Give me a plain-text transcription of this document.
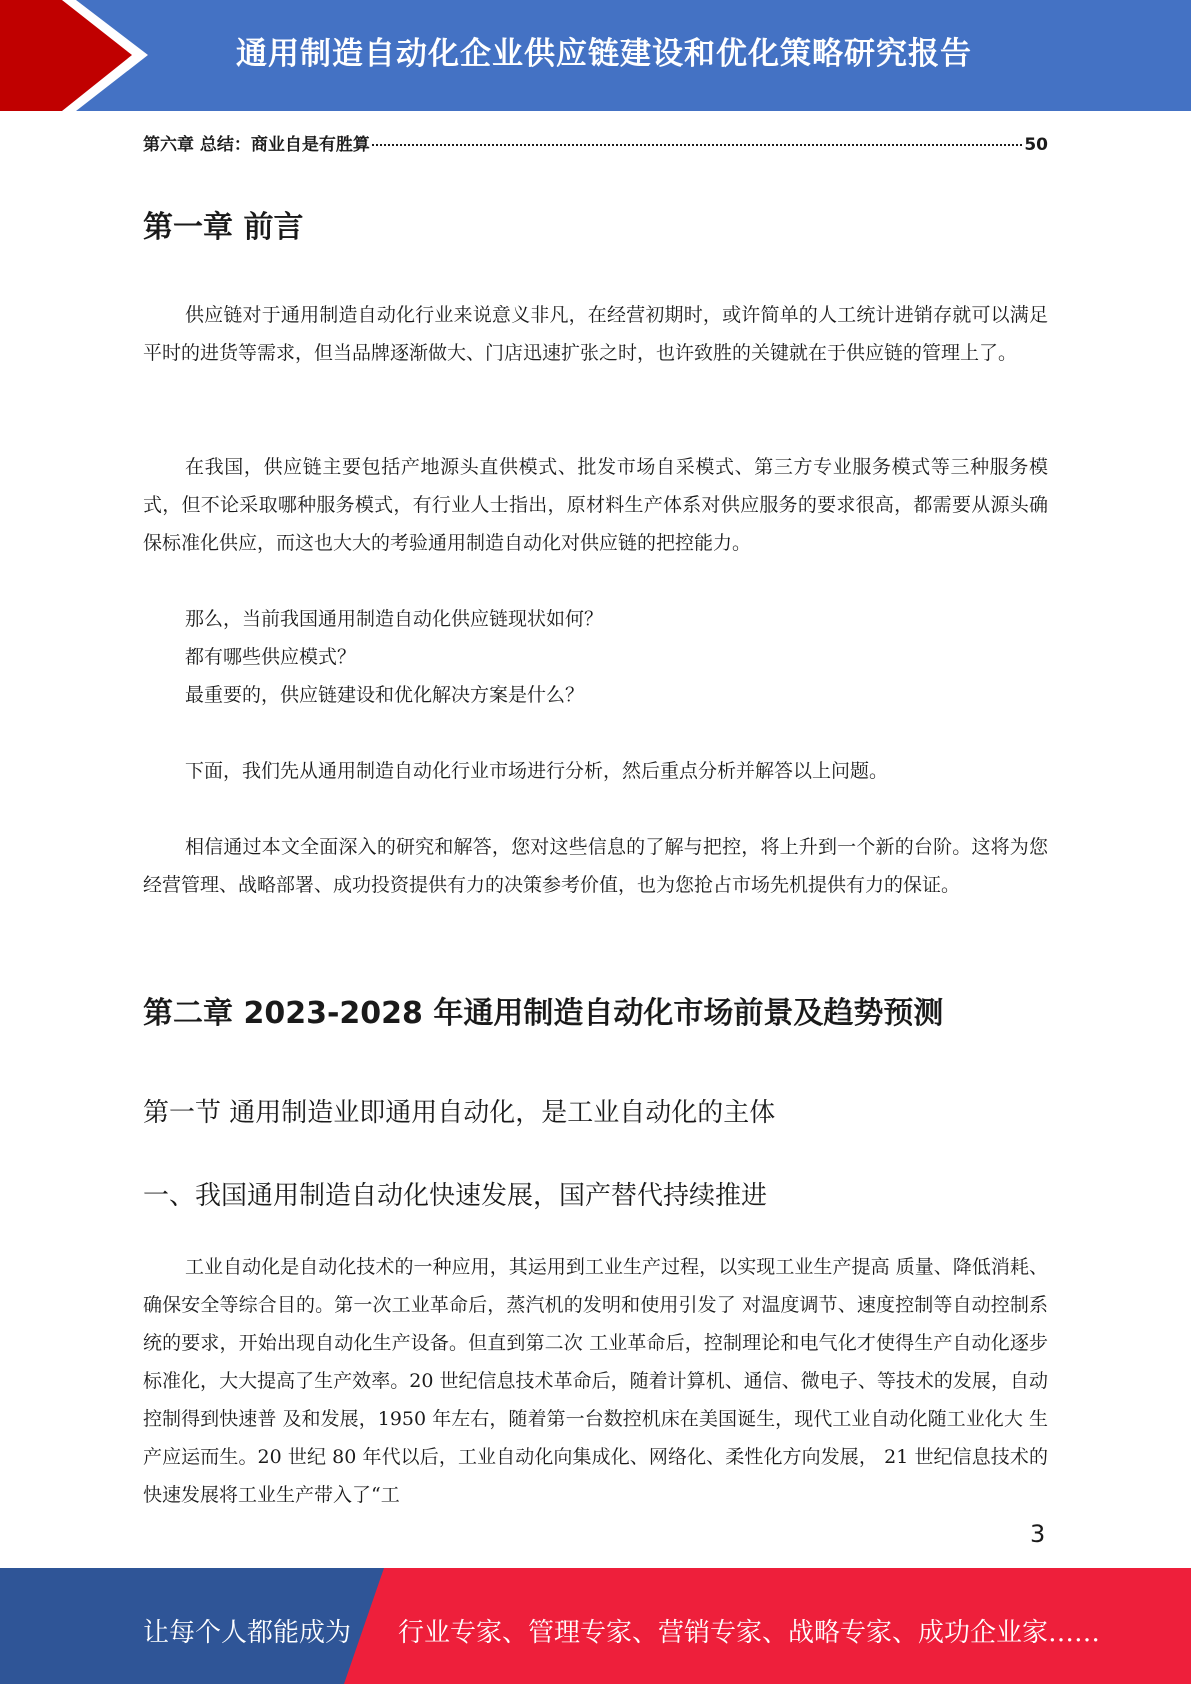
通用制造自动化企业供应链建设和优化策略研究报告
第六章 总结：商业自是有胜算	50
第一章 前言

供应链对于通用制造自动化行业来说意义非凡，在经营初期时，或许简单的人工统计进销存就可以满足平时的进货等需求，但当品牌逐渐做大、门店迅速扩张之时，也许致胜的关键就在于供应链的管理上了。

在我国，供应链主要包括产地源头直供模式、批发市场自采模式、第三方专业服务模式等三种服务模式，但不论采取哪种服务模式，有行业人士指出，原材料生产体系对供应服务的要求很高，都需要从源头确保标准化供应，而这也大大的考验通用制造自动化对供应链的把控能力。

那么，当前我国通用制造自动化供应链现状如何？
都有哪些供应模式？
最重要的，供应链建设和优化解决方案是什么？

下面，我们先从通用制造自动化行业市场进行分析，然后重点分析并解答以上问题。

相信通过本文全面深入的研究和解答，您对这些信息的了解与把控，将上升到一个新的台阶。这将为您经营管理、战略部署、成功投资提供有力的决策参考价值，也为您抢占市场先机提供有力的保证。

第二章 2023-2028 年通用制造自动化市场前景及趋势预测
第一节 通用制造业即通用自动化，是工业自动化的主体
一、我国通用制造自动化快速发展，国产替代持续推进

工业自动化是自动化技术的一种应用，其运用到工业生产过程，以实现工业生产提高 质量、降低消耗、确保安全等综合目的。第一次工业革命后，蒸汽机的发明和使用引发了 对温度调节、速度控制等自动控制系统的要求，开始出现自动化生产设备。但直到第二次 工业革命后，控制理论和电气化才使得生产自动化逐步标准化，大大提高了生产效率。20 世纪信息技术革命后，随着计算机、通信、微电子、等技术的发展，自动控制得到快速普 及和发展，1950 年左右，随着第一台数控机床在美国诞生，现代工业自动化随工业化大 生产应运而生。20 世纪 80 年代以后，工业自动化向集成化、网络化、柔性化方向发展， 21 世纪信息技术的快速发展将工业生产带入了“工

3
让每个人都能成为 行业专家、管理专家、营销专家、战略专家、成功企业家……
